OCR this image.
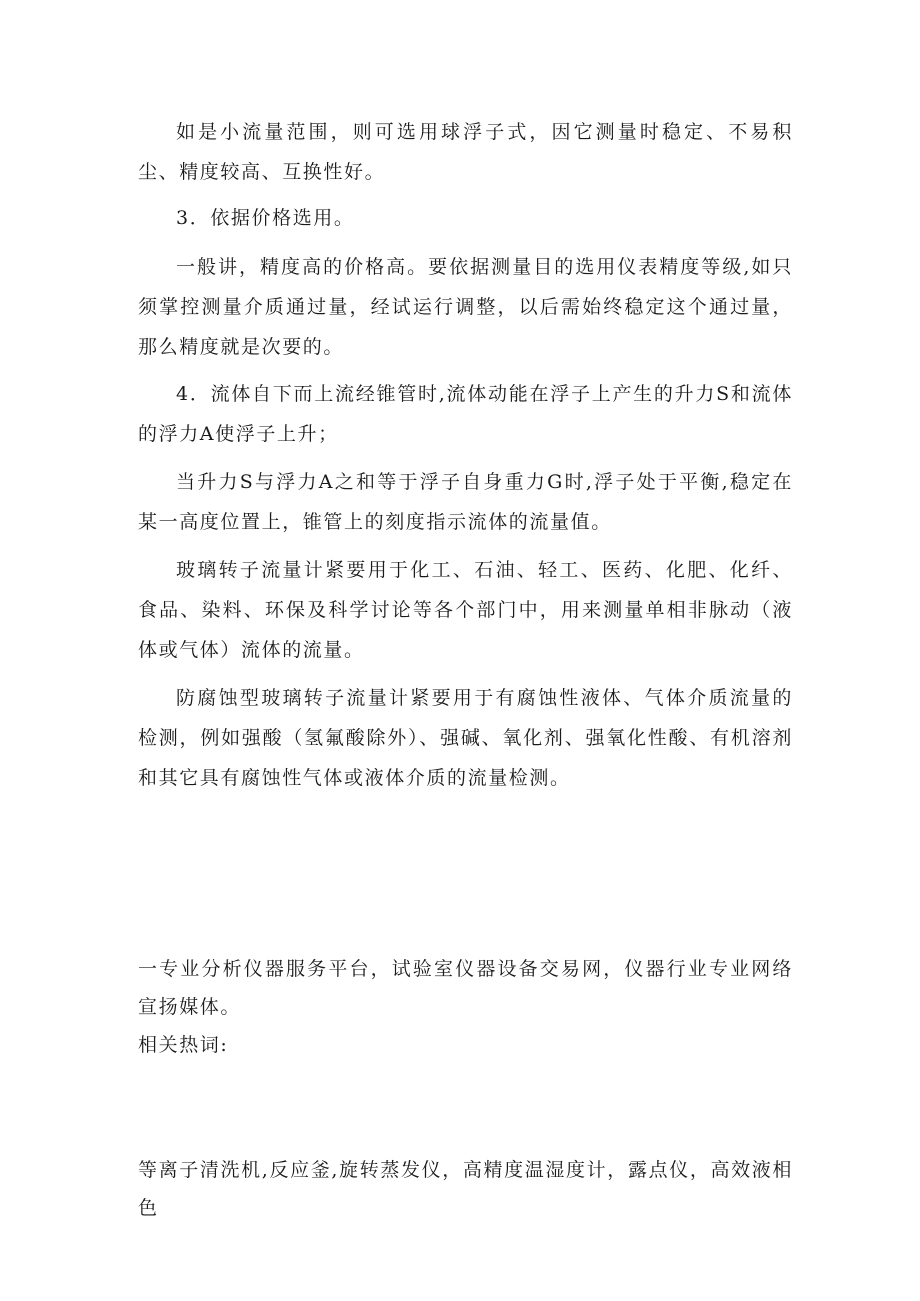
如是小流量范围，则可选用球浮子式，因它测量时稳定、不易积尘、精度较高、互换性好。

3．依据价格选用。

一般讲，精度高的价格高。要依据测量目的选用仪表精度等级,如只须掌控测量介质通过量，经试运行调整，以后需始终稳定这个通过量，那么精度就是次要的。

4．流体自下而上流经锥管时,流体动能在浮子上产生的升力S和流体的浮力A使浮子上升；

当升力S与浮力A之和等于浮子自身重力G时,浮子处于平衡,稳定在某一高度位置上，锥管上的刻度指示流体的流量值。

玻璃转子流量计紧要用于化工、石油、轻工、医药、化肥、化纤、食品、染料、环保及科学讨论等各个部门中，用来测量单相非脉动（液体或气体）流体的流量。

防腐蚀型玻璃转子流量计紧要用于有腐蚀性液体、气体介质流量的检测，例如强酸（氢氟酸除外）、强碱、氧化剂、强氧化性酸、有机溶剂和其它具有腐蚀性气体或液体介质的流量检测。

一专业分析仪器服务平台，试验室仪器设备交易网，仪器行业专业网络宣扬媒体。

相关热词:

等离子清洗机,反应釜,旋转蒸发仪，高精度温湿度计，露点仪，高效液相色
